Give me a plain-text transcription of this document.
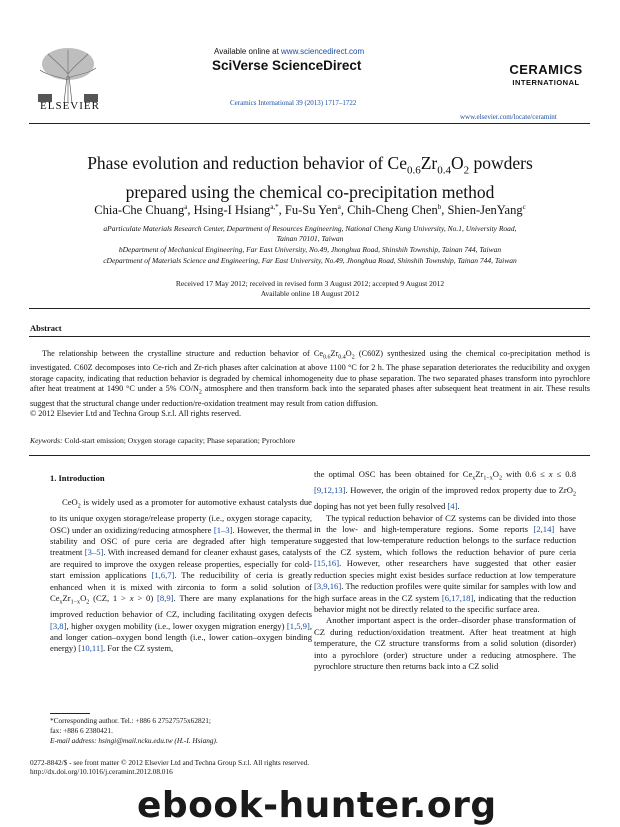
ELSEVIER
Available online at www.sciencedirect.com
SciVerse ScienceDirect
Ceramics International 39 (2013) 1717–1722
CERAMICS
INTERNATIONAL
www.elsevier.com/locate/ceramint
Phase evolution and reduction behavior of $Ce_{0.6}Zr_{0.4}O_2$ powders
prepared using the chemical co-precipitation method
Chia-Che Chuang$^a$, Hsing-I Hsiang$^{a,*}$, Fu-Su Yen$^a$, Chih-Cheng Chen$^b$, Shien-JenYang$^c$
aParticulate Materials Research Center, Department of Resources Engineering, National Cheng Kung University, No.1, University Road,
Tainan 70101, Taiwan
bDepartment of Mechanical Engineering, Far East University, No.49, Jhonghua Road, Shinshih Township, Tainan 744, Taiwan
cDepartment of Materials Science and Engineering, Far East University, No.49, Jhonghua Road, Shinshih Township, Tainan 744, Taiwan
Received 17 May 2012; received in revised form 3 August 2012; accepted 9 August 2012
Available online 18 August 2012
Abstract
The relationship between the crystalline structure and reduction behavior of $Ce_{0.6}Zr_{0.4}O_2$ (C60Z) synthesized using the chemical co-precipitation method is investigated. C60Z decomposes into Ce-rich and Zr-rich phases after calcination at above 1100 °C for 2 h. The phase separation deteriorates the reducibility and oxygen storage capacity, indicating that reduction behavior is degraded by chemical inhomogeneity due to phase separation. The two separated phases transform into pyrochlore after heat treatment at 1490 °C under a 5% $CO/N_2$ atmosphere and then transform back into the separated phases after subsequent heat treatment in air. These results suggest that the structural change under reduction/re-oxidation treatment may result from cation diffusion.
© 2012 Elsevier Ltd and Techna Group S.r.l. All rights reserved.
Keywords: Cold-start emission; Oxygen storage capacity; Phase separation; Pyrochlore
1. Introduction

CeO$_2$ is widely used as a promoter for automotive exhaust catalysts due to its unique oxygen storage/release property (i.e., oxygen storage capacity, OSC) under an oxidizing/reducing atmosphere [1–3]. However, the thermal stability and OSC of pure ceria are degraded after high temperature treatment [3–5]. With increased demand for cleaner exhaust gases, catalysts are required to improve the oxygen release properties, especially for cold-start emission applications [1,6,7]. The reducibility of ceria is greatly enhanced when it is mixed with zirconia to form a solid solution of $Ce_xZr_{1-x}O_2$ (CZ, 1 > x > 0) [8,9]. There are many explanations for the improved reduction behavior of CZ, including facilitating oxygen defects [3,8], higher oxygen mobility (i.e., lower oxygen migration energy) [1,5,9], and longer cation–oxygen bond length (i.e., lower cation–oxygen binding energy) [10,11]. For the CZ system,

the optimal OSC has been obtained for $Ce_xZr_{1-x}O_2$ with 0.6 ≤ x ≤ 0.8 [9,12,13]. However, the origin of the improved redox property due to ZrO$_2$ doping has not yet been fully resolved [4].

The typical reduction behavior of CZ systems can be divided into those in the low- and high-temperature regions. Some reports [2,14] have suggested that low-temperature reduction belongs to the surface reduction of the CZ system, which follows the reduction behavior of pure ceria [15,16]. However, other researchers have suggested that other easier reduction species might exist besides surface reduction at low temperature [3,9,16]. The reduction profiles were quite similar for samples with low and high surface areas in the CZ system [6,17,18], indicating that the reduction behavior might not be directly related to the specific surface area.

Another important aspect is the order–disorder phase transformation of CZ during reduction/oxidation treatment. After heat treatment at high temperature, the CZ structure transforms from a solid solution (disorder) into a pyrochlore (order) structure under a reducing atmosphere. The pyrochlore structure then returns back into a CZ solid

*Corresponding author. Tel.: +886 6 27527575x62821;
fax: +886 6 2380421.
E-mail address: hsingi@mail.ncku.edu.tw (H.-I. Hsiang).
0272-8842/$ - see front matter © 2012 Elsevier Ltd and Techna Group S.r.l. All rights reserved.
http://dx.doi.org/10.1016/j.ceramint.2012.08.016
ebook-hunter.org
